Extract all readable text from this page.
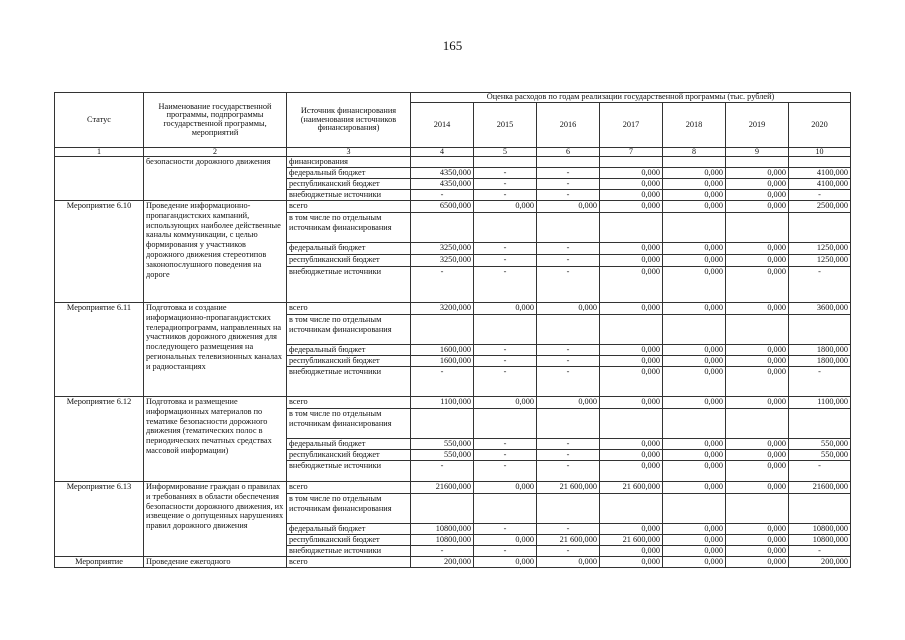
165
Статус	Наименование государственной программы, подпрограммы государственной программы, мероприятий	Источник финансирования (наименования источников финансирования)	Оценка расходов по годам реализации государственной программы (тыс. рублей)						
			2014	2015	2016	2017	2018	2019	2020
1	2	3	4	5	6	7	8	9	10
	безопасности дорожного движения	финансирования							
		федеральный бюджет	4350,000	-	-	0,000	0,000	0,000	4100,000
		республиканский бюджет	4350,000	-	-	0,000	0,000	0,000	4100,000
		внебюджетные источники	-	-	-	0,000	0,000	0,000	-
Мероприятие 6.10	Проведение информационно-пропагандистских кампаний, использующих наиболее действенные каналы коммуникации, с целью формирования у участников дорожного движения стереотипов законопослушного поведения на дороге	всего	6500,000	0,000	0,000	0,000	0,000	0,000	2500,000
		в том числе по отдельным источникам финансирования							
		федеральный бюджет	3250,000	-	-	0,000	0,000	0,000	1250,000
		республиканский бюджет	3250,000	-	-	0,000	0,000	0,000	1250,000
		внебюджетные источники	-	-	-	0,000	0,000	0,000	-
Мероприятие 6.11	Подготовка и создание информационно-пропагандистских телерадиопрограмм, направленных на участников дорожного движения для последующего размещения на региональных телевизионных каналах и радиостанциях	всего	3200,000	0,000	0,000	0,000	0,000	0,000	3600,000
		в том числе по отдельным источникам финансирования							
		федеральный бюджет	1600,000	-	-	0,000	0,000	0,000	1800,000
		республиканский бюджет	1600,000	-	-	0,000	0,000	0,000	1800,000
		внебюджетные источники	-	-	-	0,000	0,000	0,000	-
Мероприятие 6.12	Подготовка и размещение информационных материалов по тематике безопасности дорожного движения (тематических полос в периодических печатных средствах массовой информации)	всего	1100,000	0,000	0,000	0,000	0,000	0,000	1100,000
		в том числе по отдельным источникам финансирования							
		федеральный бюджет	550,000	-	-	0,000	0,000	0,000	550,000
		республиканский бюджет	550,000	-	-	0,000	0,000	0,000	550,000
		внебюджетные источники	-	-	-	0,000	0,000	0,000	-
Мероприятие 6.13	Информирование граждан о правилах и требованиях в области обеспечения безопасности дорожного движения, их извещение о допущенных нарушениях правил дорожного движения	всего	21600,000	0,000	21 600,000	21 600,000	0,000	0,000	21600,000
		в том числе по отдельным источникам финансирования							
		федеральный бюджет	10800,000	-	-	0,000	0,000	0,000	10800,000
		республиканский бюджет	10800,000	0,000	21 600,000	21 600,000	0,000	0,000	10800,000
		внебюджетные источники	-	-	-	0,000	0,000	0,000	-
Мероприятие	Проведение ежегодного	всего	200,000	0,000	0,000	0,000	0,000	0,000	200,000
